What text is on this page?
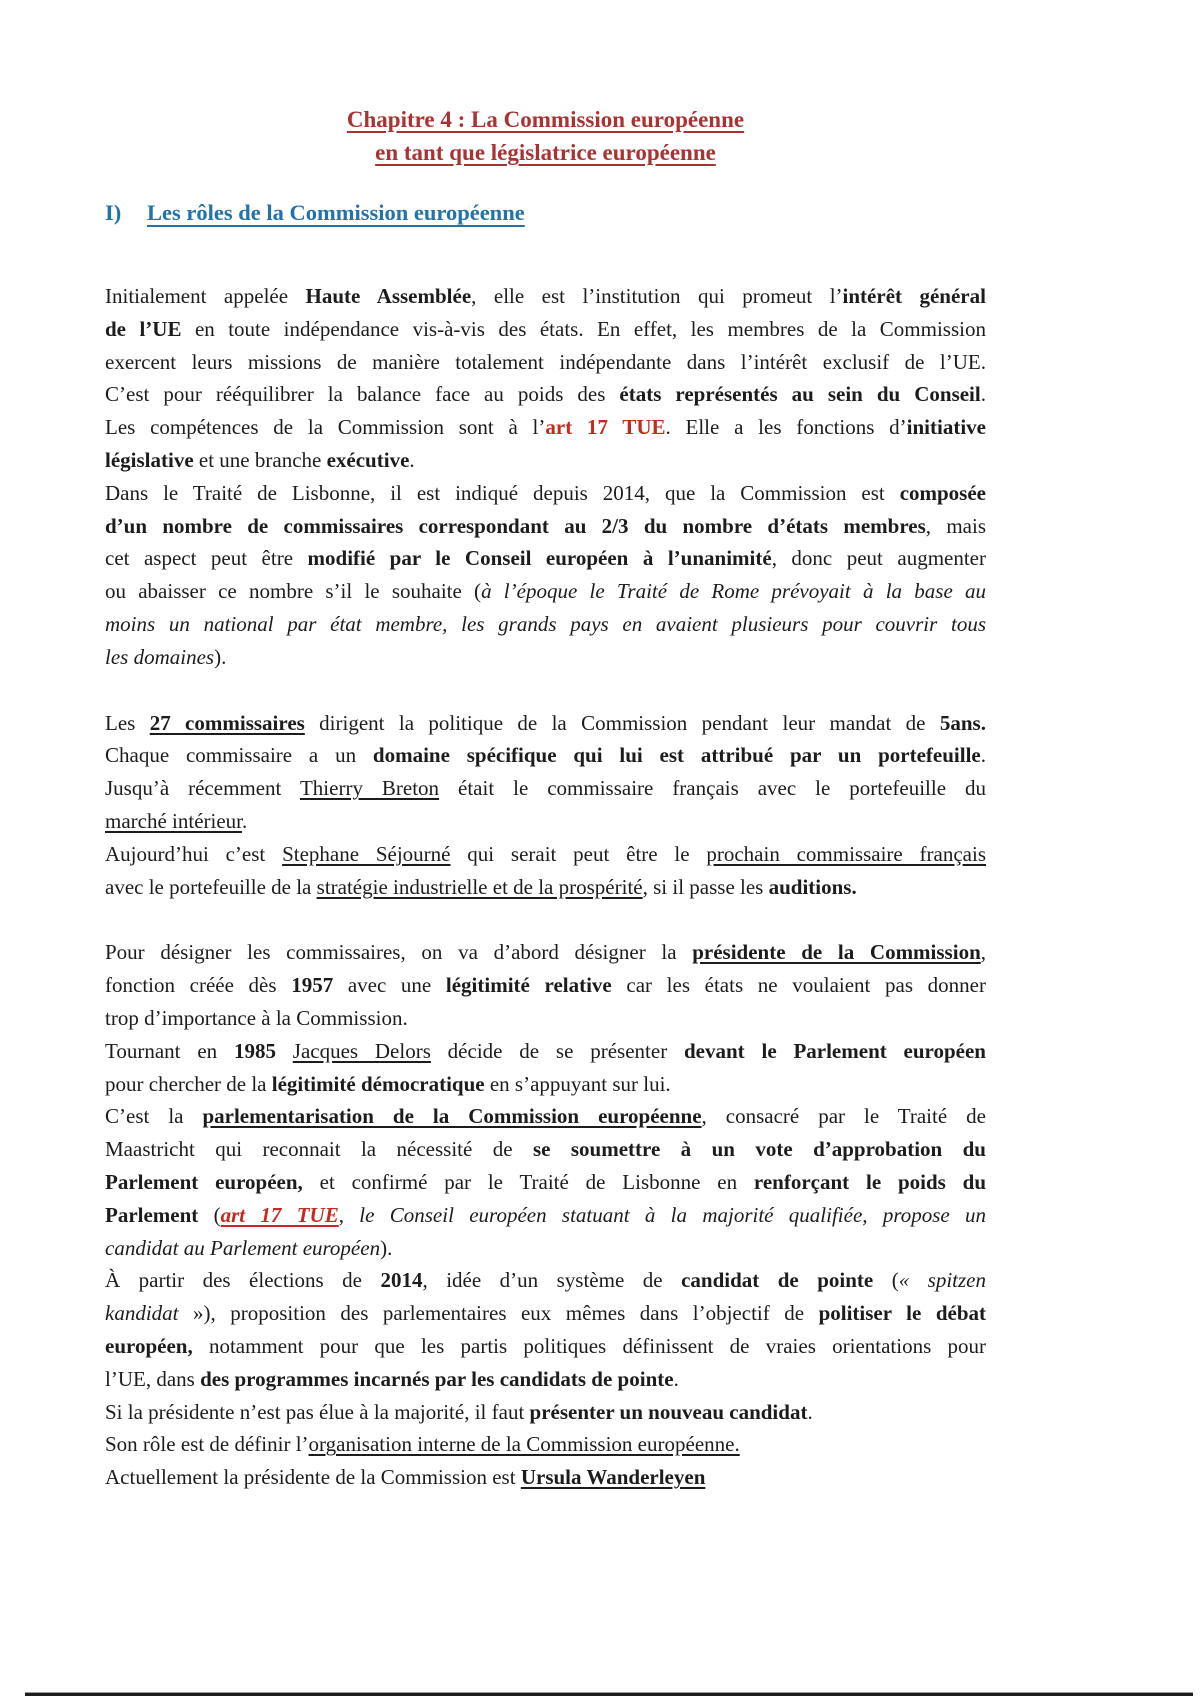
Chapitre 4 : La Commission européenne
en tant que législatrice européenne
I)	Les rôles de la Commission européenne
Initialement appelée Haute Assemblée, elle est l’institution qui promeut l’intérêt général
de l’UE en toute indépendance vis-à-vis des états. En effet, les membres de la Commission
exercent leurs missions de manière totalement indépendante dans l’intérêt exclusif de l’UE.
C’est pour rééquilibrer la balance face au poids des états représentés au sein du Conseil.
Les compétences de la Commission sont à l’art 17 TUE. Elle a les fonctions d’initiative
législative et une branche exécutive.
Dans le Traité de Lisbonne, il est indiqué depuis 2014, que la Commission est composée
d’un nombre de commissaires correspondant au 2/3 du nombre d’états membres, mais
cet aspect peut être modifié par le Conseil européen à l’unanimité, donc peut augmenter
ou abaisser ce nombre s’il le souhaite (à l’époque le Traité de Rome prévoyait à la base au
moins un national par état membre, les grands pays en avaient plusieurs pour couvrir tous
les domaines).
Les 27 commissaires dirigent la politique de la Commission pendant leur mandat de 5ans.
Chaque commissaire a un domaine spécifique qui lui est attribué par un portefeuille.
Jusqu’à récemment Thierry Breton était le commissaire français avec le portefeuille du
marché intérieur.
Aujourd’hui c’est Stephane Séjourné qui serait peut être le prochain commissaire français
avec le portefeuille de la stratégie industrielle et de la prospérité, si il passe les auditions.
Pour désigner les commissaires, on va d’abord désigner la présidente de la Commission,
fonction créée dès 1957 avec une légitimité relative car les états ne voulaient pas donner
trop d’importance à la Commission.
Tournant en 1985 Jacques Delors décide de se présenter devant le Parlement européen
pour chercher de la légitimité démocratique en s’appuyant sur lui.
C’est la parlementarisation de la Commission européenne, consacré par le Traité de
Maastricht qui reconnait la nécessité de se soumettre à un vote d’approbation du
Parlement européen, et confirmé par le Traité de Lisbonne en renforçant le poids du
Parlement (art 17 TUE, le Conseil européen statuant à la majorité qualifiée, propose un
candidat au Parlement européen).
À partir des élections de 2014, idée d’un système de candidat de pointe (« spitzen
kandidat »), proposition des parlementaires eux mêmes dans l’objectif de politiser le débat
européen, notamment pour que les partis politiques définissent de vraies orientations pour
l’UE, dans des programmes incarnés par les candidats de pointe.
Si la présidente n’est pas élue à la majorité, il faut présenter un nouveau candidat.
Son rôle est de définir l’organisation interne de la Commission européenne.
Actuellement la présidente de la Commission est Ursula Wanderleyen
